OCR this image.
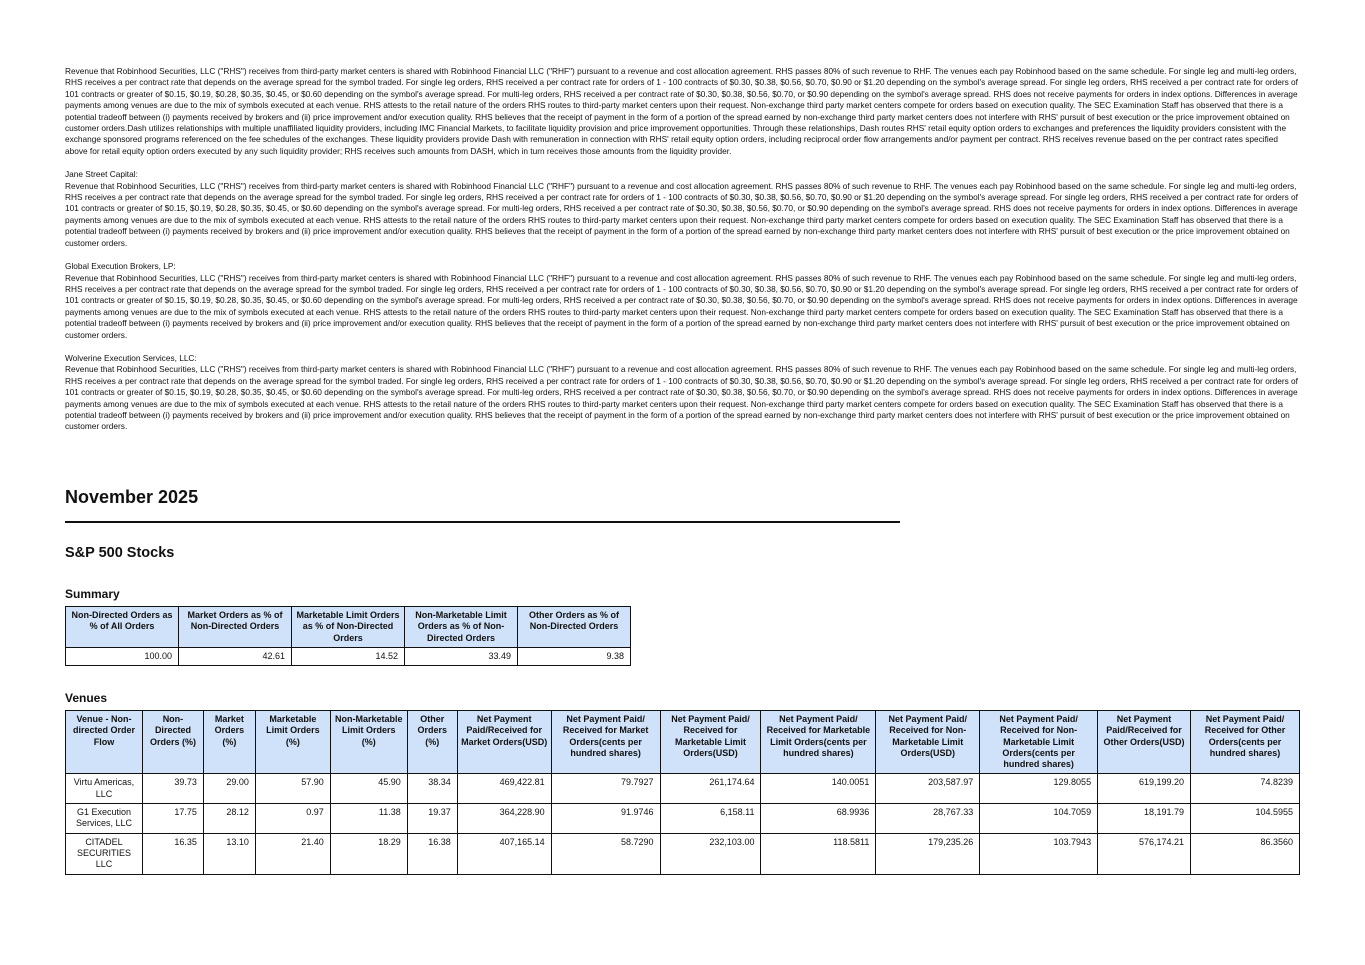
Revenue that Robinhood Securities, LLC ("RHS") receives from third-party market centers is shared with Robinhood Financial LLC ("RHF") pursuant to a revenue and cost allocation agreement. RHS passes 80% of such revenue to RHF. The venues each pay Robinhood based on the same schedule. For single leg and multi-leg orders, RHS receives a per contract rate that depends on the average spread for the symbol traded. For single leg orders, RHS received a per contract rate for orders of 1 - 100 contracts of $0.30, $0.38, $0.56, $0.70, $0.90 or $1.20 depending on the symbol's average spread. For single leg orders, RHS received a per contract rate for orders of 101 contracts or greater of $0.15, $0.19, $0.28, $0.35, $0.45, or $0.60 depending on the symbol's average spread. For multi-leg orders, RHS received a per contract rate of $0.30, $0.38, $0.56, $0.70, or $0.90 depending on the symbol's average spread. RHS does not receive payments for orders in index options. Differences in average payments among venues are due to the mix of symbols executed at each venue. RHS attests to the retail nature of the orders RHS routes to third-party market centers upon their request. Non-exchange third party market centers compete for orders based on execution quality. The SEC Examination Staff has observed that there is a potential tradeoff between (i) payments received by brokers and (ii) price improvement and/or execution quality. RHS believes that the receipt of payment in the form of a portion of the spread earned by non-exchange third party market centers does not interfere with RHS' pursuit of best execution or the price improvement obtained on customer orders.Dash utilizes relationships with multiple unaffiliated liquidity providers, including IMC Financial Markets, to facilitate liquidity provision and price improvement opportunities. Through these relationships, Dash routes RHS' retail equity option orders to exchanges and preferences the liquidity providers consistent with the exchange sponsored programs referenced on the fee schedules of the exchanges. These liquidity providers provide Dash with remuneration in connection with RHS' retail equity option orders, including reciprocal order flow arrangements and/or payment per contract. RHS receives revenue based on the per contract rates specified above for retail equity option orders executed by any such liquidity provider; RHS receives such amounts from DASH, which in turn receives those amounts from the liquidity provider.

Jane Street Capital:

Revenue that Robinhood Securities, LLC ("RHS") receives from third-party market centers is shared with Robinhood Financial LLC ("RHF") pursuant to a revenue and cost allocation agreement. RHS passes 80% of such revenue to RHF. The venues each pay Robinhood based on the same schedule. For single leg and multi-leg orders, RHS receives a per contract rate that depends on the average spread for the symbol traded. For single leg orders, RHS received a per contract rate for orders of 1 - 100 contracts of $0.30, $0.38, $0.56, $0.70, $0.90 or $1.20 depending on the symbol's average spread. For single leg orders, RHS received a per contract rate for orders of 101 contracts or greater of $0.15, $0.19, $0.28, $0.35, $0.45, or $0.60 depending on the symbol's average spread. For multi-leg orders, RHS received a per contract rate of $0.30, $0.38, $0.56, $0.70, or $0.90 depending on the symbol's average spread. RHS does not receive payments for orders in index options. Differences in average payments among venues are due to the mix of symbols executed at each venue. RHS attests to the retail nature of the orders RHS routes to third-party market centers upon their request. Non-exchange third party market centers compete for orders based on execution quality. The SEC Examination Staff has observed that there is a potential tradeoff between (i) payments received by brokers and (ii) price improvement and/or execution quality. RHS believes that the receipt of payment in the form of a portion of the spread earned by non-exchange third party market centers does not interfere with RHS' pursuit of best execution or the price improvement obtained on customer orders.

Global Execution Brokers, LP:

Revenue that Robinhood Securities, LLC ("RHS") receives from third-party market centers is shared with Robinhood Financial LLC ("RHF") pursuant to a revenue and cost allocation agreement. RHS passes 80% of such revenue to RHF. The venues each pay Robinhood based on the same schedule. For single leg and multi-leg orders, RHS receives a per contract rate that depends on the average spread for the symbol traded. For single leg orders, RHS received a per contract rate for orders of 1 - 100 contracts of $0.30, $0.38, $0.56, $0.70, $0.90 or $1.20 depending on the symbol's average spread. For single leg orders, RHS received a per contract rate for orders of 101 contracts or greater of $0.15, $0.19, $0.28, $0.35, $0.45, or $0.60 depending on the symbol's average spread. For multi-leg orders, RHS received a per contract rate of $0.30, $0.38, $0.56, $0.70, or $0.90 depending on the symbol's average spread. RHS does not receive payments for orders in index options. Differences in average payments among venues are due to the mix of symbols executed at each venue. RHS attests to the retail nature of the orders RHS routes to third-party market centers upon their request. Non-exchange third party market centers compete for orders based on execution quality. The SEC Examination Staff has observed that there is a potential tradeoff between (i) payments received by brokers and (ii) price improvement and/or execution quality. RHS believes that the receipt of payment in the form of a portion of the spread earned by non-exchange third party market centers does not interfere with RHS' pursuit of best execution or the price improvement obtained on customer orders.

Wolverine Execution Services, LLC:

Revenue that Robinhood Securities, LLC ("RHS") receives from third-party market centers is shared with Robinhood Financial LLC ("RHF") pursuant to a revenue and cost allocation agreement. RHS passes 80% of such revenue to RHF. The venues each pay Robinhood based on the same schedule. For single leg and multi-leg orders, RHS receives a per contract rate that depends on the average spread for the symbol traded. For single leg orders, RHS received a per contract rate for orders of 1 - 100 contracts of $0.30, $0.38, $0.56, $0.70, $0.90 or $1.20 depending on the symbol's average spread. For single leg orders, RHS received a per contract rate for orders of 101 contracts or greater of $0.15, $0.19, $0.28, $0.35, $0.45, or $0.60 depending on the symbol's average spread. For multi-leg orders, RHS received a per contract rate of $0.30, $0.38, $0.56, $0.70, or $0.90 depending on the symbol's average spread. RHS does not receive payments for orders in index options. Differences in average payments among venues are due to the mix of symbols executed at each venue. RHS attests to the retail nature of the orders RHS routes to third-party market centers upon their request. Non-exchange third party market centers compete for orders based on execution quality. The SEC Examination Staff has observed that there is a potential tradeoff between (i) payments received by brokers and (ii) price improvement and/or execution quality. RHS believes that the receipt of payment in the form of a portion of the spread earned by non-exchange third party market centers does not interfere with RHS' pursuit of best execution or the price improvement obtained on customer orders.

November 2025
S&P 500 Stocks
Summary
Non-Directed Orders as % of All Orders	Market Orders as % of Non-Directed Orders	Marketable Limit Orders as % of Non-Directed Orders	Non-Marketable Limit Orders as % of Non-Directed Orders	Other Orders as % of Non-Directed Orders
100.00	42.61	14.52	33.49	9.38
Venues
Venue - Non-directed Order Flow	Non-Directed Orders (%)	Market Orders (%)	Marketable Limit Orders (%)	Non-Marketable Limit Orders (%)	Other Orders (%)	Net Payment Paid/Received for Market Orders(USD)	Net Payment Paid/ Received for Market Orders(cents per hundred shares)	Net Payment Paid/ Received for Marketable Limit Orders(USD)	Net Payment Paid/ Received for Marketable Limit Orders(cents per hundred shares)	Net Payment Paid/ Received for Non-Marketable Limit Orders(USD)	Net Payment Paid/ Received for Non-Marketable Limit Orders(cents per hundred shares)	Net Payment Paid/Received for Other Orders(USD)	Net Payment Paid/ Received for Other Orders(cents per hundred shares)
Virtu Americas, LLC	39.73	29.00	57.90	45.90	38.34	469,422.81	79.7927	261,174.64	140.0051	203,587.97	129.8055	619,199.20	74.8239
G1 Execution Services, LLC	17.75	28.12	0.97	11.38	19.37	364,228.90	91.9746	6,158.11	68.9936	28,767.33	104.7059	18,191.79	104.5955
CITADEL SECURITIES LLC	16.35	13.10	21.40	18.29	16.38	407,165.14	58.7290	232,103.00	118.5811	179,235.26	103.7943	576,174.21	86.3560
